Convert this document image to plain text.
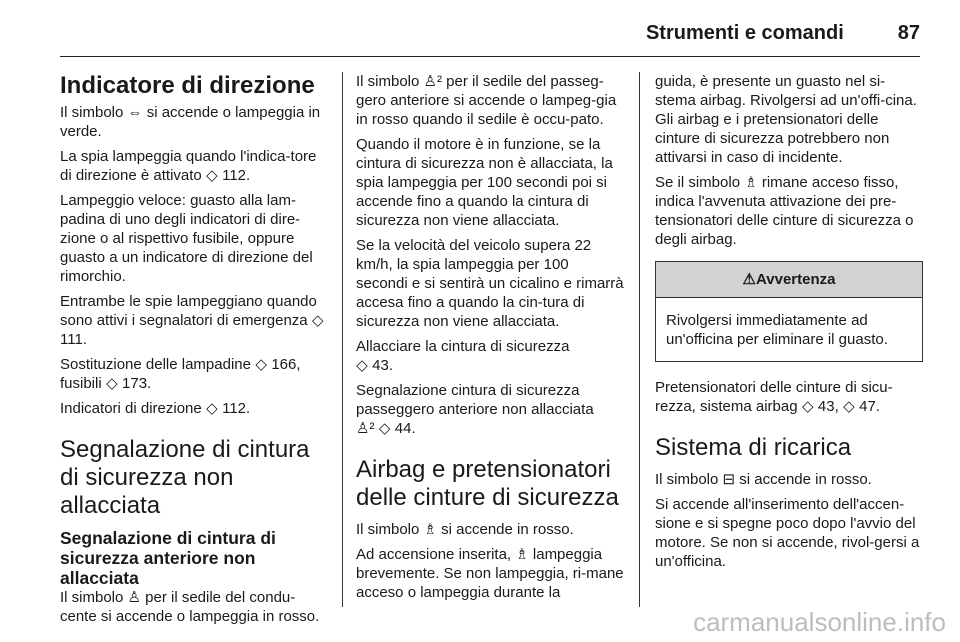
Strumenti e comandi	87
Indicatore di direzione

Il simbolo ⇔ si accende o lampeggia in verde.

La spia lampeggia quando l'indica-tore di direzione è attivato ◇ 112.

Lampeggio veloce: guasto alla lam-padina di uno degli indicatori di dire-zione o al rispettivo fusibile, oppure guasto a un indicatore di direzione del rimorchio.

Entrambe le spie lampeggiano quando sono attivi i segnalatori di emergenza ◇ 111.

Sostituzione delle lampadine ◇ 166, fusibili ◇ 173.

Indicatori di direzione ◇ 112.

Segnalazione di cintura di sicurezza non allacciata
Segnalazione di cintura di sicurezza anteriore non allacciata

Il simbolo ♙ per il sedile del condu-cente si accende o lampeggia in rosso.

Il simbolo ♙² per il sedile del passeg-gero anteriore si accende o lampeg-gia in rosso quando il sedile è occu-pato.

Quando il motore è in funzione, se la cintura di sicurezza non è allacciata, la spia lampeggia per 100 secondi poi si accende fino a quando la cintura di sicurezza non viene allacciata.

Se la velocità del veicolo supera 22 km/h, la spia lampeggia per 100 secondi e si sentirà un cicalino e rimarrà accesa fino a quando la cin-tura di sicurezza non viene allacciata.

Allacciare la cintura di sicurezza
◇ 43.

Segnalazione cintura di sicurezza passeggero anteriore non allacciata
♙² ◇ 44.

Airbag e pretensionatori delle cinture di sicurezza

Il simbolo ♗ si accende in rosso.

Ad accensione inserita, ♗ lampeggia brevemente. Se non lampeggia, ri-mane acceso o lampeggia durante la

guida, è presente un guasto nel si-stema airbag. Rivolgersi ad un'offi-cina. Gli airbag e i pretensionatori delle cinture di sicurezza potrebbero non attivarsi in caso di incidente.

Se il simbolo ♗ rimane acceso fisso, indica l'avvenuta attivazione dei pre-tensionatori delle cinture di sicurezza o degli airbag.

⚠Avvertenza
Rivolgersi immediatamente ad un'officina per eliminare il guasto.

Pretensionatori delle cinture di sicu-rezza, sistema airbag ◇ 43, ◇ 47.

Sistema di ricarica

Il simbolo ⊟ si accende in rosso.

Si accende all'inserimento dell'accen-sione e si spegne poco dopo l'avvio del motore. Se non si accende, rivol-gersi a un'officina.

carmanualsonline.info
